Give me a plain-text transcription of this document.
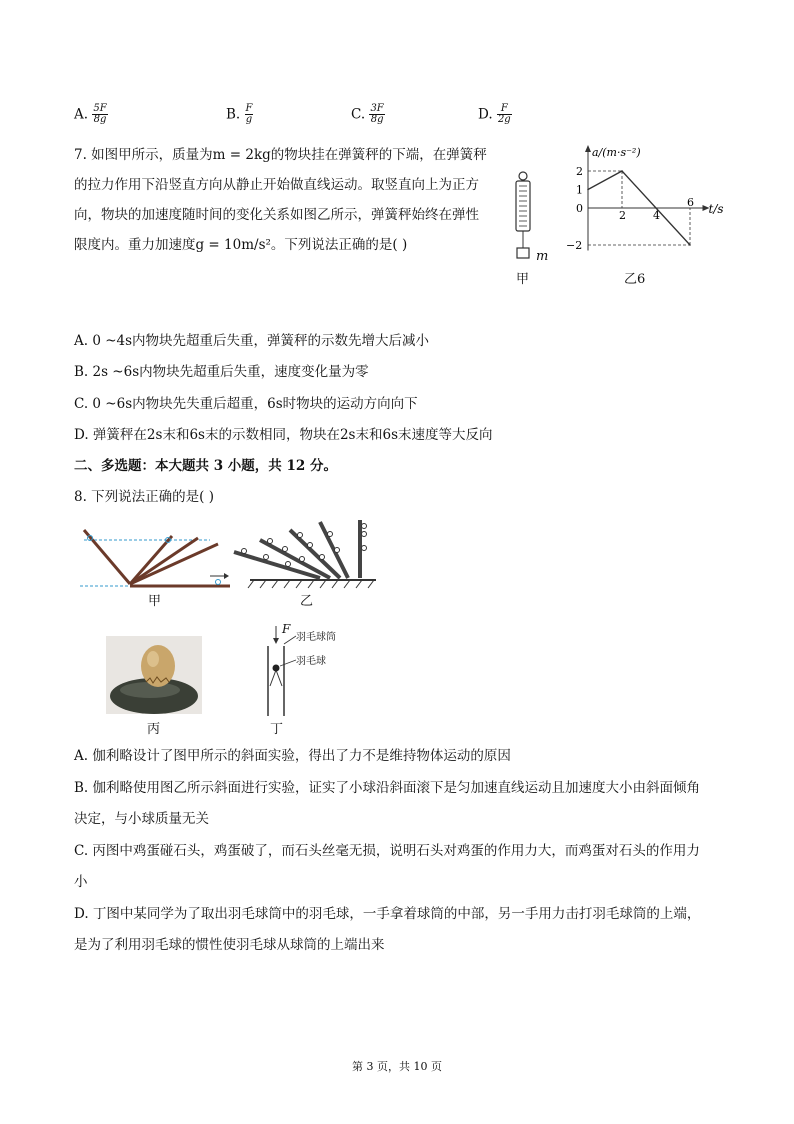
A. $\frac{5F}{8g}$	B. $\frac{F}{g}$	C. $\frac{3F}{8g}$	D. $\frac{F}{2g}$
7. 如图甲所示，质量为m = 2kg的物块挂在弹簧秤的下端，在弹簧秤
的拉力作用下沿竖直方向从静止开始做直线运动。取竖直向上为正方
向，物块的加速度随时间的变化关系如图乙所示，弹簧秤始终在弹性
限度内。重力加速度g = 10m/s²。下列说法正确的是( )
m
甲
a/(m·s⁻²)
t/s
2 4
6
2
1
0
−2
乙6
A. 0 ~4s内物块先超重后失重，弹簧秤的示数先增大后减小
B. 2s ~6s内物块先超重后失重，速度变化量为零
C. 0 ~6s内物块先失重后超重，6s时物块的运动方向向下
D. 弹簧秤在2s末和6s末的示数相同，物块在2s末和6s末速度等大反向
二、多选题：本大题共 3 小题，共 12 分。
8. 下列说法正确的是( )
甲	乙
丙
F
羽毛球筒
羽毛球
丁
A. 伽利略设计了图甲所示的斜面实验，得出了力不是维持物体运动的原因
B. 伽利略使用图乙所示斜面进行实验，证实了小球沿斜面滚下是匀加速直线运动且加速度大小由斜面倾角
决定，与小球质量无关
C. 丙图中鸡蛋碰石头，鸡蛋破了，而石头丝毫无损，说明石头对鸡蛋的作用力大，而鸡蛋对石头的作用力
小
D. 丁图中某同学为了取出羽毛球筒中的羽毛球，一手拿着球筒的中部，另一手用力击打羽毛球筒的上端，
是为了利用羽毛球的惯性使羽毛球从球筒的上端出来
第 3 页，共 10 页
